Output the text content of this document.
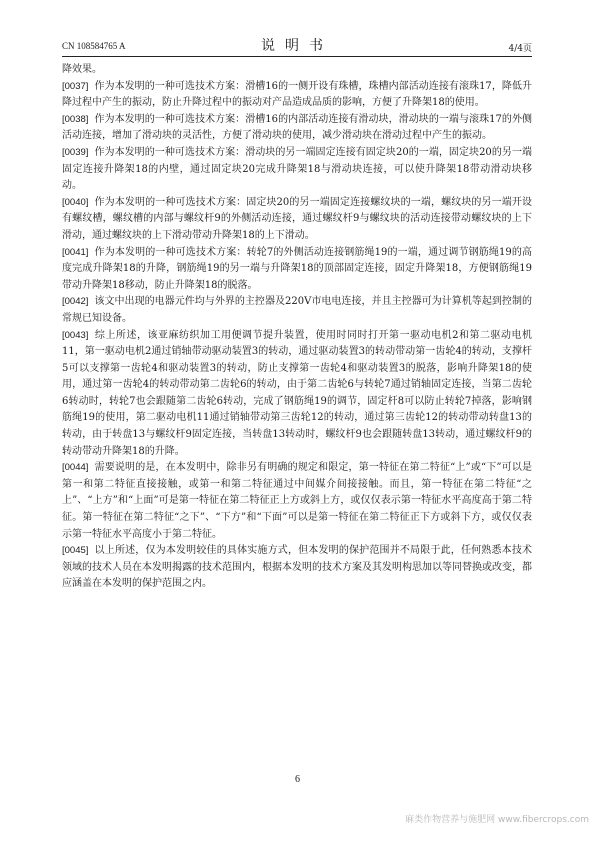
CN 108584765 A	说明书	4/4页

降效果。

[0037] 作为本发明的一种可选技术方案：滑槽16的一侧开设有珠槽，珠槽内部活动连接有滚珠17，降低升降过程中产生的振动，防止升降过程中的振动对产品造成品质的影响，方便了升降架18的使用。

[0038] 作为本发明的一种可选技术方案：滑槽16的内部活动连接有滑动块，滑动块的一端与滚珠17的外侧活动连接，增加了滑动块的灵活性，方便了滑动块的使用，减少滑动块在滑动过程中产生的振动。

[0039] 作为本发明的一种可选技术方案：滑动块的另一端固定连接有固定块20的一端，固定块20的另一端固定连接升降架18的内壁，通过固定块20完成升降架18与滑动块连接，可以使升降架18带动滑动块移动。

[0040] 作为本发明的一种可选技术方案：固定块20的另一端固定连接螺纹块的一端，螺纹块的另一端开设有螺纹槽，螺纹槽的内部与螺纹杆9的外侧活动连接，通过螺纹杆9与螺纹块的活动连接带动螺纹块的上下滑动，通过螺纹块的上下滑动带动升降架18的上下滑动。

[0041] 作为本发明的一种可选技术方案：转轮7的外侧活动连接钢筋绳19的一端，通过调节钢筋绳19的高度完成升降架18的升降，钢筋绳19的另一端与升降架18的顶部固定连接，固定升降架18，方便钢筋绳19带动升降架18移动，防止升降架18的脱落。

[0042] 该文中出现的电器元件均与外界的主控器及220V市电电连接，并且主控器可为计算机等起到控制的常规已知设备。

[0043] 综上所述，该亚麻纺织加工用便调节提升装置，使用时同时打开第一驱动电机2和第二驱动电机11，第一驱动电机2通过销轴带动驱动装置3的转动，通过驱动装置3的转动带动第一齿轮4的转动，支撑杆5可以支撑第一齿轮4和驱动装置3的转动，防止支撑第一齿轮4和驱动装置3的脱落，影响升降架18的使用，通过第一齿轮4的转动带动第二齿轮6的转动，由于第二齿轮6与转轮7通过销轴固定连接，当第二齿轮6转动时，转轮7也会跟随第二齿轮6转动，完成了钢筋绳19的调节，固定杆8可以防止转轮7掉落，影响钢筋绳19的使用，第二驱动电机11通过销轴带动第三齿轮12的转动，通过第三齿轮12的转动带动转盘13的转动，由于转盘13与螺纹杆9固定连接，当转盘13转动时，螺纹杆9也会跟随转盘13转动，通过螺纹杆9的转动带动升降架18的升降。

[0044] 需要说明的是，在本发明中，除非另有明确的规定和限定，第一特征在第二特征“上”或“下”可以是第一和第二特征直接接触，或第一和第二特征通过中间媒介间接接触。而且，第一特征在第二特征“之上”、“上方”和“上面”可是第一特征在第二特征正上方或斜上方，或仅仅表示第一特征水平高度高于第二特征。第一特征在第二特征“之下”、“下方”和“下面”可以是第一特征在第二特征正下方或斜下方，或仅仅表示第一特征水平高度小于第二特征。

[0045] 以上所述，仅为本发明较佳的具体实施方式，但本发明的保护范围并不局限于此，任何熟悉本技术领域的技术人员在本发明揭露的技术范围内，根据本发明的技术方案及其发明构思加以等同替换或改变，都应涵盖在本发明的保护范围之内。

6
麻类作物营养与施肥网 www.fibercrops.com
